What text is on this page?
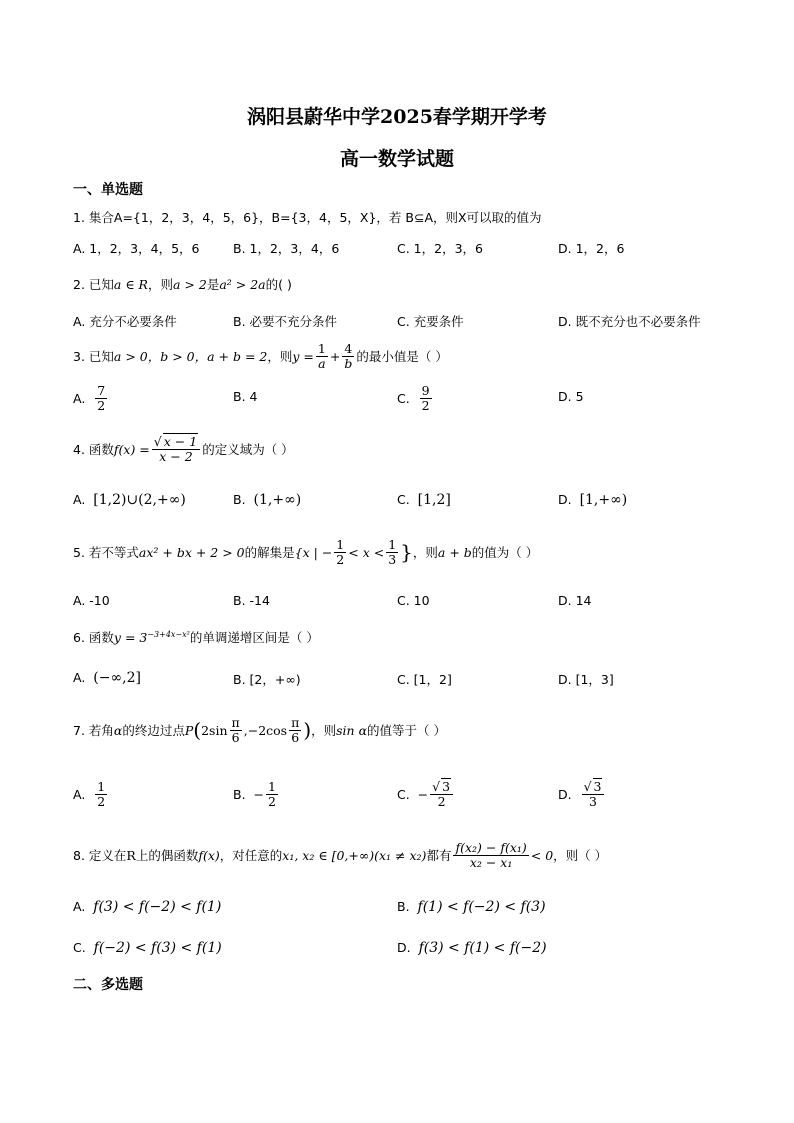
涡阳县蔚华中学2025春学期开学考
高一数学试题
一、单选题
1. 集合A={1，2，3，4，5，6}，B={3，4，5，X}，若 B⊆A，则X可以取的值为
A. 1，2，3，4，5，6	B. 1，2，3，4，6	C. 1，2，3，6	D. 1，2，6
2. 已知a ∈ R，则a > 2是a² > 2a的( )
A. 充分不必要条件	B. 必要不充分条件	C. 充要条件	D. 既不充分也不必要条件
3. 已知 a > 0，b > 0，a + b = 2 ，则 $y = \frac{1}{a} + \frac{4}{b}$ 的最小值是（ ）
A.
$\frac{7}{2}$	B. 4	C.
$\frac{9}{2}$	D. 5
4. 函数 $f(x) = \frac{√ x - 1}{x - 2}$ 的定义域为（ ）
A. [1,2)∪(2,+∞)	B. (1,+∞)	C. [1,2]	D. [1,+∞)
5. 若不等式 ax² + bx + 2 > 0 的解集是 {x | − $\frac{1}{2} < x < \frac{1}{3}$ } ，则 a + b 的值为（ ）
A. -10	B. -14	C. 10	D. 14
6. 函数$y = 3^{-3+4x-x^2}$的单调递增区间是（ ）
A. (−∞,2]	B. [2，+∞)	C. [1，2]	D. [1，3]
7. 若角 α 的终边过点 P ( $2\sin \frac{\pi}{6} ,-2\cos \frac{\pi}{6}$ ) ，则 sin α 的值等于（ ）
A.
$\frac{1}{2}$	B.
− $\frac{1}{2}$	C.
− $\frac{√ 3}{2}$	D.
$\frac{√ 3}{3}$
8. 定义在 R 上的偶函数 f(x) ，对任意的 x₁, x₂ ∈ [0,+∞)(x₁ ≠ x₂) 都有 $\frac{\text{f(x₂) − f(x₁)}}{\text{x₂ − x₁}} < 0$ ，则（ ）
A. f(3) < f(−2) < f(1)	B. f(1) < f(−2) < f(3)
C. f(−2) < f(3) < f(1)	D. f(3) < f(1) < f(−2)
二、多选题
